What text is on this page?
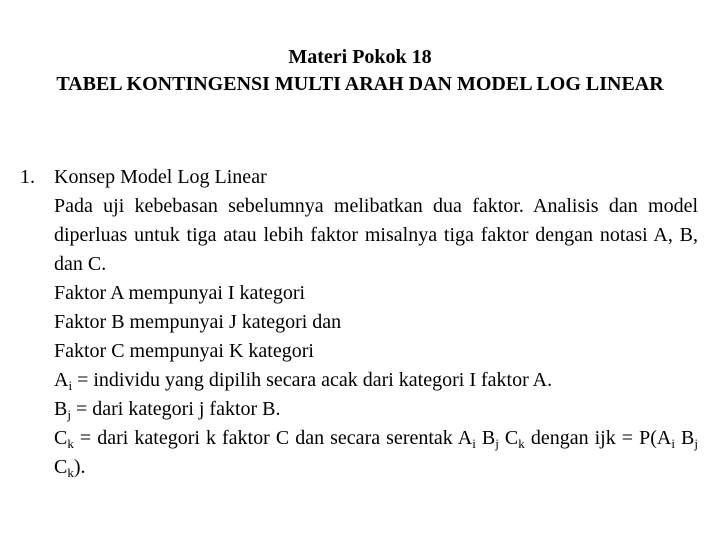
Materi Pokok 18
TABEL KONTINGENSI MULTI ARAH DAN MODEL LOG LINEAR
1. Konsep Model Log Linear
Pada uji kebebasan sebelumnya melibatkan dua faktor. Analisis dan model diperluas untuk tiga atau lebih faktor misalnya tiga faktor dengan notasi A, B, dan C.
Faktor A mempunyai I kategori
Faktor B mempunyai J kategori dan
Faktor C mempunyai K kategori
$A_i$ = individu yang dipilih secara acak dari kategori I faktor A.
$B_j$ = dari kategori j faktor B.
$C_k$ = dari kategori k faktor C dan secara serentak $A_i$ $B_j$ $C_k$ dengan ijk = $P(A_i$ $B_j$ $C_k$).
